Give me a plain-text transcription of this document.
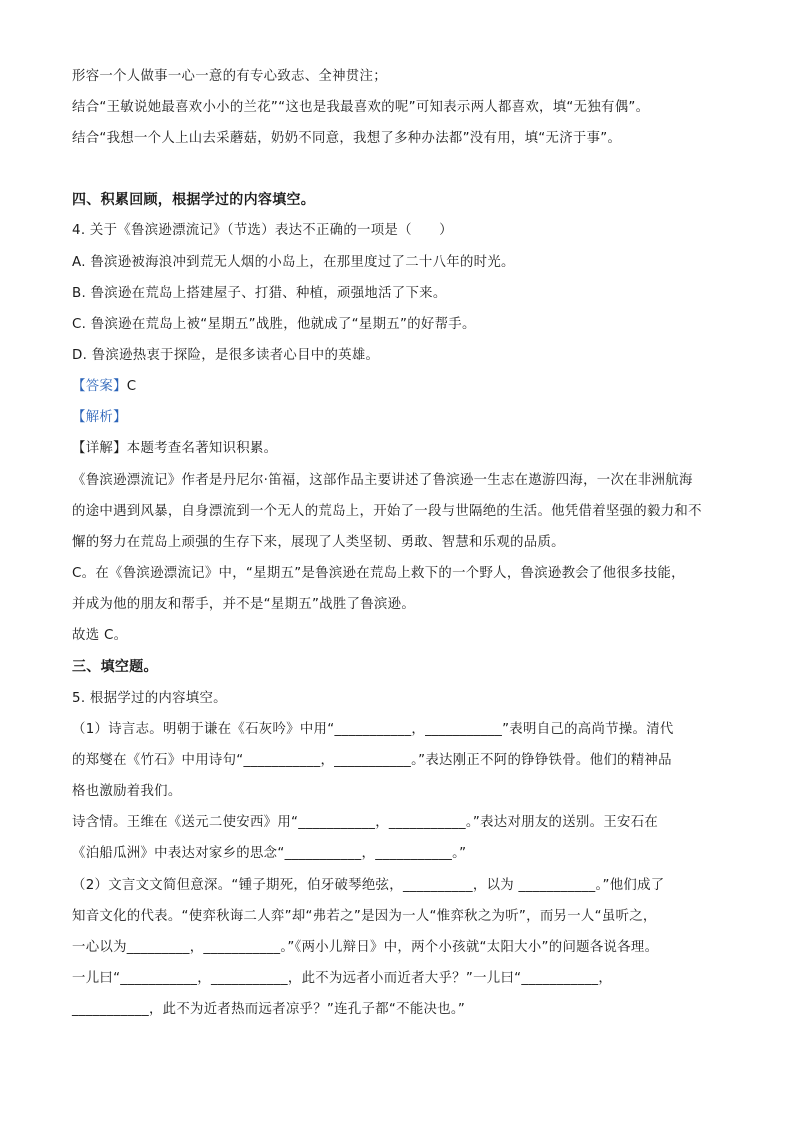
形容一个人做事一心一意的有专心致志、全神贯注；
结合“王敏说她最喜欢小小的兰花”“这也是我最喜欢的呢”可知表示两人都喜欢，填“无独有偶”。
结合“我想一个人上山去采蘑菇，奶奶不同意，我想了多种办法都”没有用，填“无济于事”。
四、积累回顾，根据学过的内容填空。
4. 关于《鲁滨逊漂流记》（节选）表达不正确的一项是（　　）
A. 鲁滨逊被海浪冲到荒无人烟的小岛上，在那里度过了二十八年的时光。
B. 鲁滨逊在荒岛上搭建屋子、打猎、种植，顽强地活了下来。
C. 鲁滨逊在荒岛上被“星期五”战胜，他就成了“星期五”的好帮手。
D. 鲁滨逊热衷于探险，是很多读者心目中的英雄。
【答案】C
【解析】
【详解】本题考查名著知识积累。
《鲁滨逊漂流记》作者是丹尼尔·笛福，这部作品主要讲述了鲁滨逊一生志在遨游四海，一次在非洲航海
的途中遇到风暴，自身漂流到一个无人的荒岛上，开始了一段与世隔绝的生活。他凭借着坚强的毅力和不
懈的努力在荒岛上顽强的生存下来，展现了人类坚韧、勇敢、智慧和乐观的品质。
C。在《鲁滨逊漂流记》中，“星期五”是鲁滨逊在荒岛上救下的一个野人，鲁滨逊教会了他很多技能，
并成为他的朋友和帮手，并不是“星期五”战胜了鲁滨逊。
故选 C。
三、填空题。
5. 根据学过的内容填空。
（1）诗言志。明朝于谦在《石灰吟》中用“___________，___________”表明自己的高尚节操。清代
的郑燮在《竹石》中用诗句“___________，___________。”表达刚正不阿的铮铮铁骨。他们的精神品
格也激励着我们。
诗含情。王维在《送元二使安西》用“___________，___________。”表达对朋友的送别。王安石在
《泊船瓜洲》中表达对家乡的思念“___________，___________。”
（2）文言文文简但意深。“锺子期死，伯牙破琴绝弦，__________，以为 ___________。”他们成了
知音文化的代表。“使弈秋诲二人弈”却“弗若之”是因为一人“惟弈秋之为听”，而另一人“虽听之，
一心以为_________，___________。”《两小儿辩日》中，两个小孩就“太阳大小”的问题各说各理。
一儿曰“___________，___________，此不为远者小而近者大乎？”一儿曰“___________，
___________，此不为近者热而远者凉乎？”连孔子都“不能决也。”
